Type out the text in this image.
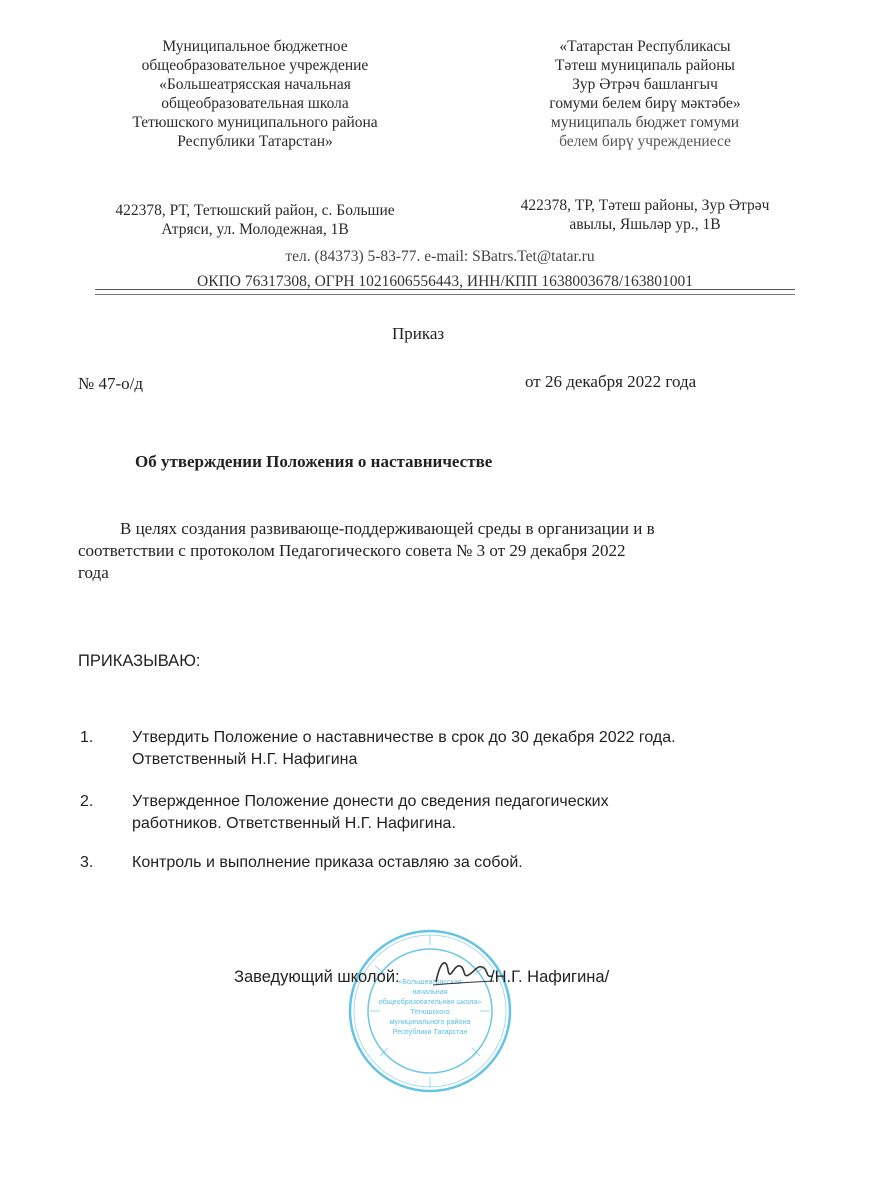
Муниципальное бюджетное
общеобразовательное учреждение
«Большеатрясская начальная
общеобразовательная школа
Тетюшского муниципального района
Республики Татарстан»
«Татарстан Республикасы
Тәтеш муниципаль районы
Зур Әтрәч башлангыч
гомуми белем бирү мәктәбе»
муниципаль бюджет гомуми
белем бирү учреждениесе
422378, РТ, Тетюшский район, с. Большие
Атряси, ул. Молодежная, 1В
422378, ТР, Тәтеш районы, Зур Әтрәч
авылы, Яшьләр ур., 1В
тел. (84373) 5-83-77. e-mail: SBatrs.Tet@tatar.ru
ОКПО 76317308, ОГРН 1021606556443, ИНН/КПП 1638003678/163801001
Приказ
№ 47-о/д	от 26 декабря 2022 года
Об утверждении Положения о наставничестве
В целях создания развивающе-поддерживающей среды в организации и в
соответствии с протоколом Педагогического совета № 3 от 29 декабря 2022
года
ПРИКАЗЫВАЮ:
1.	Утвердить Положение о наставничестве в срок до 30 декабря 2022 года.
Ответственный Н.Г. Нафигина
2.	Утвержденное Положение донести до сведения педагогических
работников. Ответственный Н.Г. Нафигина.
3.	Контроль и выполнение приказа оставляю за собой.
«Большеатрясская
начальная
общеобразовательная школа»
Тетюшского
муниципального района
Республики Татарстан
Заведующий школой:	/Н.Г. Нафигина/
